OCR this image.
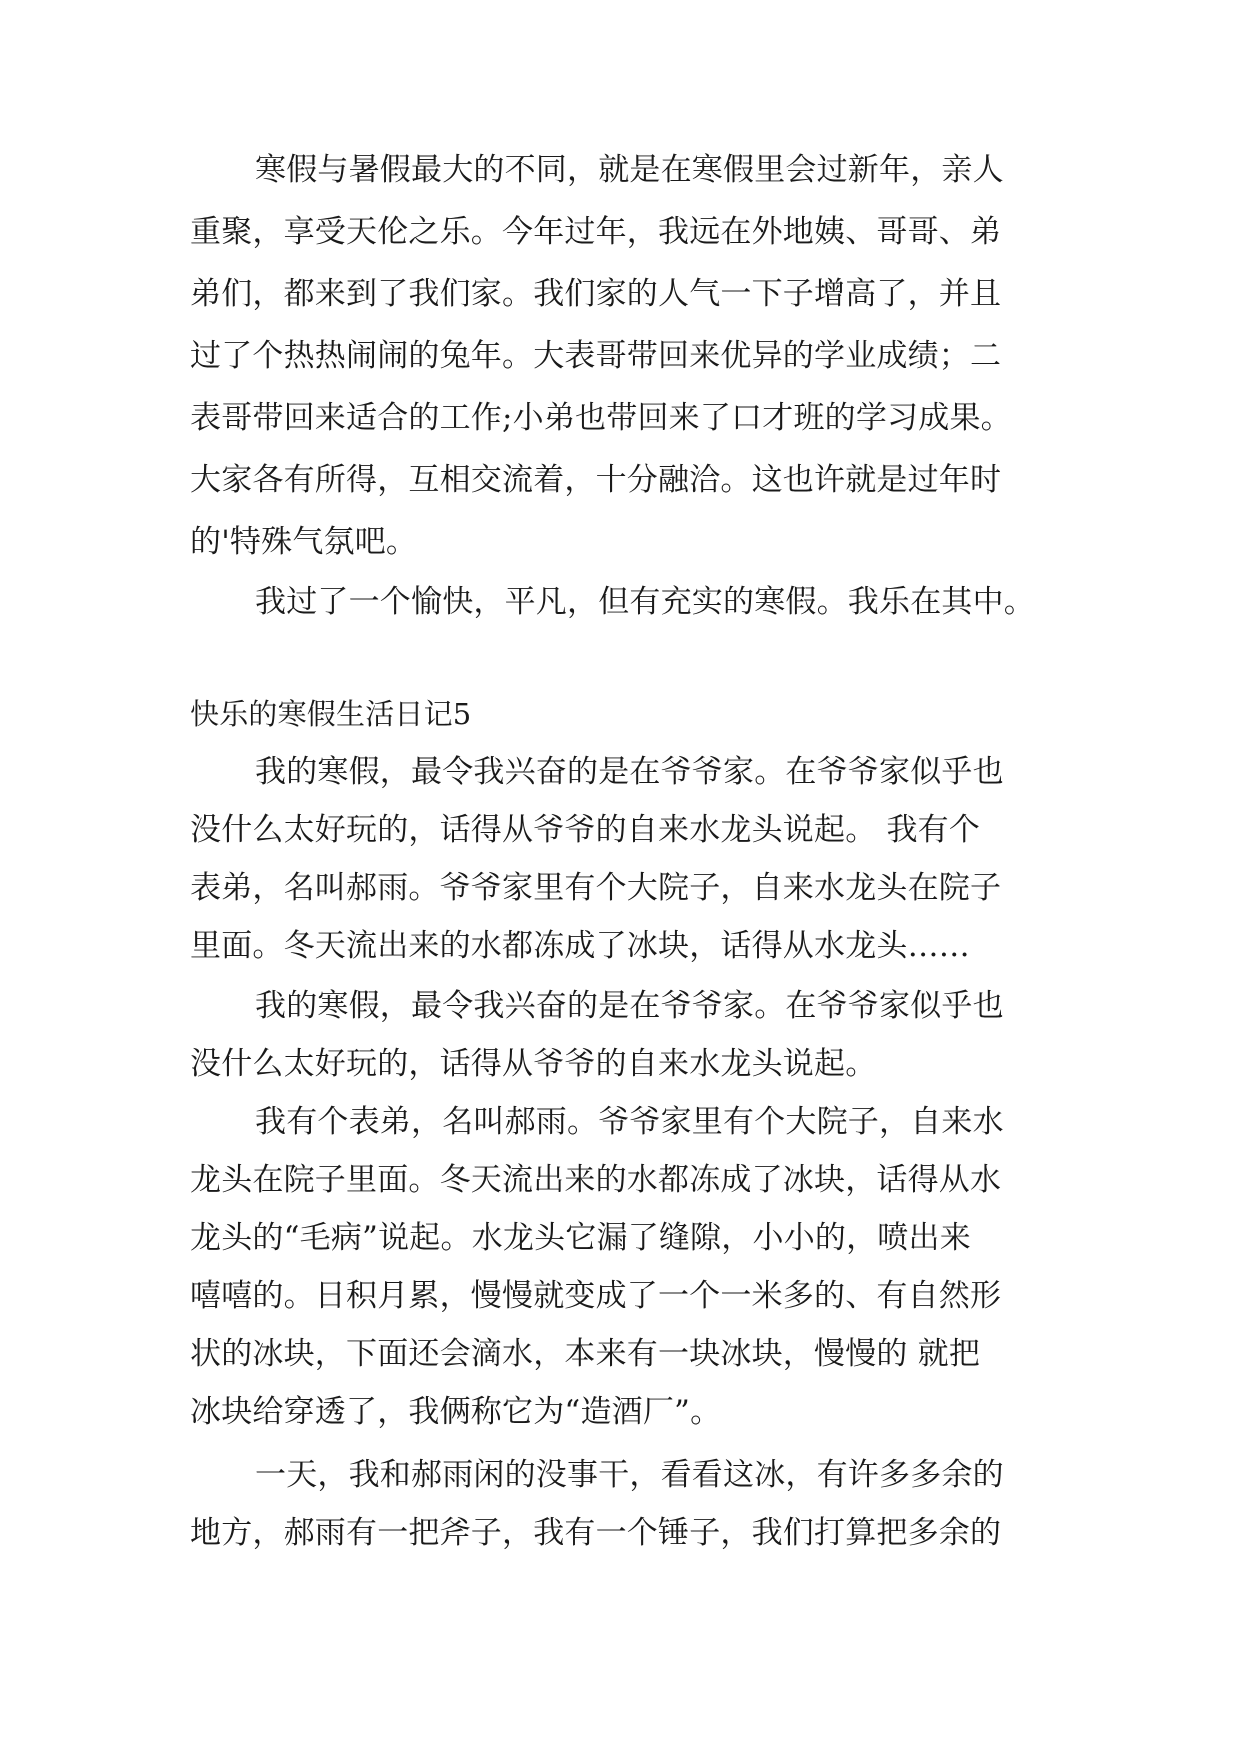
寒假与暑假最大的不同，就是在寒假里会过新年，亲人
重聚，享受天伦之乐。今年过年，我远在外地姨、哥哥、弟
弟们，都来到了我们家。我们家的人气一下子增高了，并且
过了个热热闹闹的兔年。大表哥带回来优异的学业成绩；二
表哥带回来适合的工作;小弟也带回来了口才班的学习成果。
大家各有所得，互相交流着，十分融洽。这也许就是过年时
的'特殊气氛吧。
我过了一个愉快，平凡，但有充实的寒假。我乐在其中。
快乐的寒假生活日记5
我的寒假，最令我兴奋的是在爷爷家。在爷爷家似乎也
没什么太好玩的，话得从爷爷的自来水龙头说起。 我有个
表弟，名叫郝雨。爷爷家里有个大院子，自来水龙头在院子
里面。冬天流出来的水都冻成了冰块，话得从水龙头……
我的寒假，最令我兴奋的是在爷爷家。在爷爷家似乎也
没什么太好玩的，话得从爷爷的自来水龙头说起。
我有个表弟，名叫郝雨。爷爷家里有个大院子，自来水
龙头在院子里面。冬天流出来的水都冻成了冰块，话得从水
龙头的“毛病”说起。水龙头它漏了缝隙，小小的，喷出来
嘻嘻的。日积月累，慢慢就变成了一个一米多的、有自然形
状的冰块，下面还会滴水，本来有一块冰块，慢慢的 就把
冰块给穿透了，我俩称它为“造酒厂”。
一天，我和郝雨闲的没事干，看看这冰，有许多多余的
地方，郝雨有一把斧子，我有一个锤子，我们打算把多余的
